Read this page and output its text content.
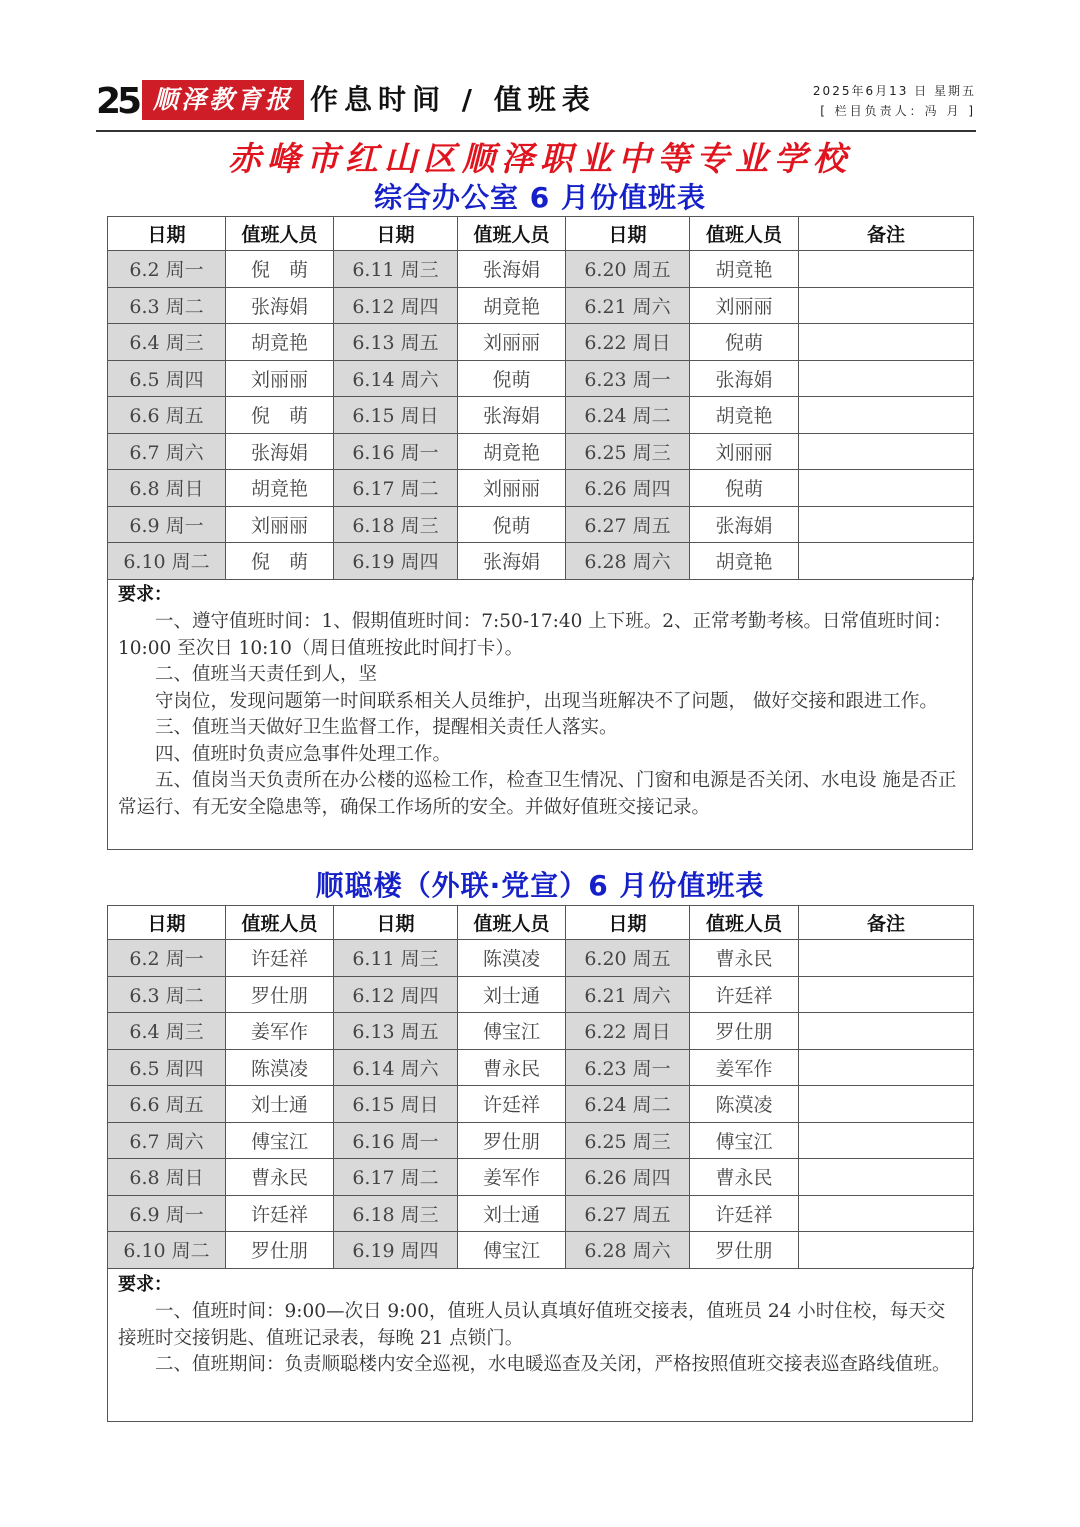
25 顺泽教育报 作息时间 / 值班表	2025年6月13 日 星期五
[ 栏目负责人：冯 月 ]
赤峰市红山区顺泽职业中等专业学校
综合办公室 6 月份值班表
日期	值班人员	日期	值班人员	日期	值班人员	备注
6.2 周一	倪　萌	6.11 周三	张海娟	6.20 周五	胡竟艳	
6.3 周二	张海娟	6.12 周四	胡竟艳	6.21 周六	刘丽丽	
6.4 周三	胡竟艳	6.13 周五	刘丽丽	6.22 周日	倪萌	
6.5 周四	刘丽丽	6.14 周六	倪萌	6.23 周一	张海娟	
6.6 周五	倪　萌	6.15 周日	张海娟	6.24 周二	胡竟艳	
6.7 周六	张海娟	6.16 周一	胡竟艳	6.25 周三	刘丽丽	
6.8 周日	胡竟艳	6.17 周二	刘丽丽	6.26 周四	倪萌	
6.9 周一	刘丽丽	6.18 周三	倪萌	6.27 周五	张海娟	
6.10 周二	倪　萌	6.19 周四	张海娟	6.28 周六	胡竟艳	
要求：
一、遵守值班时间：1、假期值班时间：7:50-17:40 上下班。2、正常考勤考核。日常值班时间：10:00 至次日 10:10（周日值班按此时间打卡）。
二、值班当天责任到人，坚
守岗位，发现问题第一时间联系相关人员维护，出现当班解决不了问题， 做好交接和跟进工作。
三、值班当天做好卫生监督工作，提醒相关责任人落实。
四、值班时负责应急事件处理工作。
五、值岗当天负责所在办公楼的巡检工作，检查卫生情况、门窗和电源是否关闭、水电设 施是否正常运行、有无安全隐患等，确保工作场所的安全。并做好值班交接记录。
顺聪楼（外联·党宣）6 月份值班表
日期	值班人员	日期	值班人员	日期	值班人员	备注
6.2 周一	许廷祥	6.11 周三	陈漠凌	6.20 周五	曹永民	
6.3 周二	罗仕朋	6.12 周四	刘士通	6.21 周六	许廷祥	
6.4 周三	姜军作	6.13 周五	傅宝江	6.22 周日	罗仕朋	
6.5 周四	陈漠凌	6.14 周六	曹永民	6.23 周一	姜军作	
6.6 周五	刘士通	6.15 周日	许廷祥	6.24 周二	陈漠凌	
6.7 周六	傅宝江	6.16 周一	罗仕朋	6.25 周三	傅宝江	
6.8 周日	曹永民	6.17 周二	姜军作	6.26 周四	曹永民	
6.9 周一	许廷祥	6.18 周三	刘士通	6.27 周五	许廷祥	
6.10 周二	罗仕朋	6.19 周四	傅宝江	6.28 周六	罗仕朋	
要求：
一、值班时间：9:00—次日 9:00，值班人员认真填好值班交接表，值班员 24 小时住校，每天交接班时交接钥匙、值班记录表，每晚 21 点锁门。
二、值班期间：负责顺聪楼内安全巡视，水电暖巡查及关闭，严格按照值班交接表巡查路线值班。
